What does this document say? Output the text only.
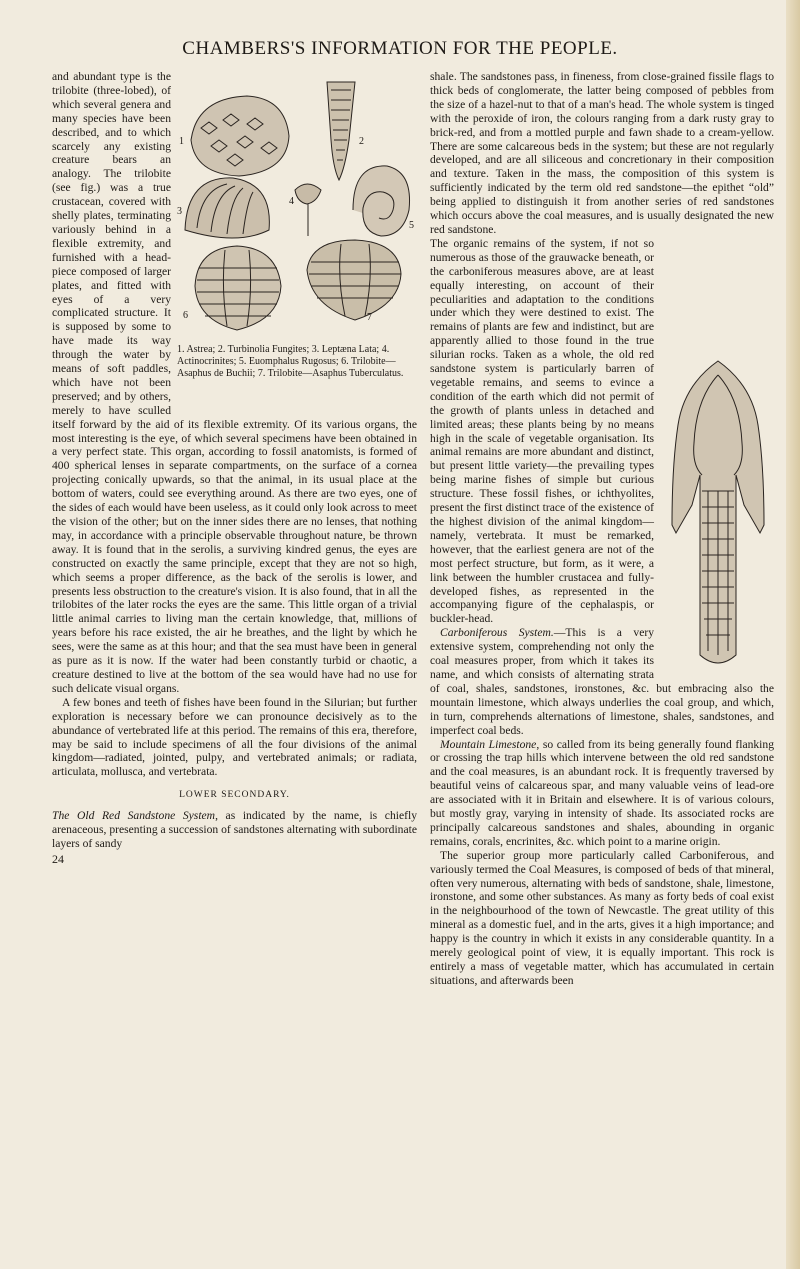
CHAMBERS'S INFORMATION FOR THE PEOPLE.
1	2
3
4
5
6	7
1. Astrea; 2. Turbinolia Fungites; 3. Leptæna Lata; 4. Actinocrinites; 5. Euomphalus Rugosus; 6. Trilobite—Asaphus de Buchii; 7. Trilobite—Asaphus Tuberculatus.

and abundant type is the trilobite (three-lobed), of which several genera and many species have been described, and to which scarcely any existing creature bears an analogy. The trilobite (see fig.) was a true crustacean, covered with shelly plates, terminating variously behind in a flexible extremity, and furnished with a head-piece composed of larger plates, and fitted with eyes of a very complicated structure. It is supposed by some to have made its way through the water by means of soft paddles, which have not been preserved; and by others, merely to have sculled itself forward by the aid of its flexible extremity. Of its various organs, the most interesting is the eye, of which several specimens have been obtained in a very perfect state. This organ, according to fossil anatomists, is formed of 400 spherical lenses in separate compartments, on the surface of a cornea projecting conically upwards, so that the animal, in its usual place at the bottom of waters, could see everything around. As there are two eyes, one of the sides of each would have been useless, as it could only look across to meet the vision of the other; but on the inner sides there are no lenses, that nothing may, in accordance with a principle observable throughout nature, be thrown away. It is found that in the serolis, a surviving kindred genus, the eyes are constructed on exactly the same principle, except that they are not so high, which seems a proper difference, as the back of the serolis is lower, and presents less obstruction to the creature's vision. It is also found, that in all the trilobites of the later rocks the eyes are the same. This little organ of a trivial little animal carries to living man the certain knowledge, that, millions of years before his race existed, the air he breathes, and the light by which he sees, were the same as at this hour; and that the sea must have been in general as pure as it is now. If the water had been constantly turbid or chaotic, a creature destined to live at the bottom of the sea would have had no use for such delicate visual organs.

A few bones and teeth of fishes have been found in the Silurian; but further exploration is necessary before we can pronounce decisively as to the abundance of vertebrated life at this period. The remains of this era, therefore, may be said to include specimens of all the four divisions of the animal kingdom—radiated, jointed, pulpy, and vertebrated animals; or radiata, articulata, mollusca, and vertebrata.

LOWER SECONDARY.

The Old Red Sandstone System, as indicated by the name, is chiefly arenaceous, presenting a succession of sandstones alternating with subordinate layers of sandy

24

shale. The sandstones pass, in fineness, from close-grained fissile flags to thick beds of conglomerate, the latter being composed of pebbles from the size of a hazel-nut to that of a man's head. The whole system is tinged with the peroxide of iron, the colours ranging from a dark rusty gray to brick-red, and from a mottled purple and fawn shade to a cream-yellow. There are some calcareous beds in the system; but these are not regularly developed, and are all siliceous and concretionary in their composition and texture. Taken in the mass, the composition of this system is sufficiently indicated by the term old red sandstone—the epithet “old” being applied to distinguish it from another series of red sandstones which occurs above the coal measures, and is usually designated the new red sandstone.

The organic remains of the system, if not so numerous as those of the grauwacke beneath, or the carboniferous measures above, are at least equally interesting, on account of their peculiarities and adaptation to the conditions under which they were destined to exist. The remains of plants are few and indistinct, but are apparently allied to those found in the true silurian rocks. Taken as a whole, the old red sandstone system is particularly barren of vegetable remains, and seems to evince a condition of the earth which did not permit of the growth of plants unless in detached and limited areas; these plants being by no means high in the scale of vegetable organisation. Its animal remains are more abundant and distinct, but present little variety—the prevailing types being marine fishes of simple but curious structure. These fossil fishes, or ichthyolites, present the first distinct trace of the existence of the highest division of the animal kingdom—namely, vertebrata. It must be remarked, however, that the earliest genera are not of the most perfect structure, but form, as it were, a link between the humbler crustacea and fully-developed fishes, as represented in the accompanying figure of the cephalaspis, or buckler-head.

Carboniferous System.—This is a very extensive system, comprehending not only the coal measures proper, from which it takes its name, and which consists of alternating strata of coal, shales, sandstones, ironstones, &c. but embracing also the mountain limestone, which always underlies the coal group, and which, in turn, comprehends alternations of limestone, shales, sandstones, and imperfect coal beds.

Mountain Limestone, so called from its being generally found flanking or crossing the trap hills which intervene between the old red sandstone and the coal measures, is an abundant rock. It is frequently traversed by beautiful veins of calcareous spar, and many valuable veins of lead-ore are associated with it in Britain and elsewhere. It is of various colours, but mostly gray, varying in intensity of shade. Its associated rocks are principally calcareous sandstones and shales, abounding in organic remains, corals, encrinites, &c. which point to a marine origin.

The superior group more particularly called Carboniferous, and variously termed the Coal Measures, is composed of beds of that mineral, often very numerous, alternating with beds of sandstone, shale, limestone, ironstone, and some other substances. As many as forty beds of coal exist in the neighbourhood of the town of Newcastle. The great utility of this mineral as a domestic fuel, and in the arts, gives it a high importance; and happy is the country in which it exists in any considerable quantity. In a merely geological point of view, it is equally important. This rock is entirely a mass of vegetable matter, which has accumulated in certain situations, and afterwards been
